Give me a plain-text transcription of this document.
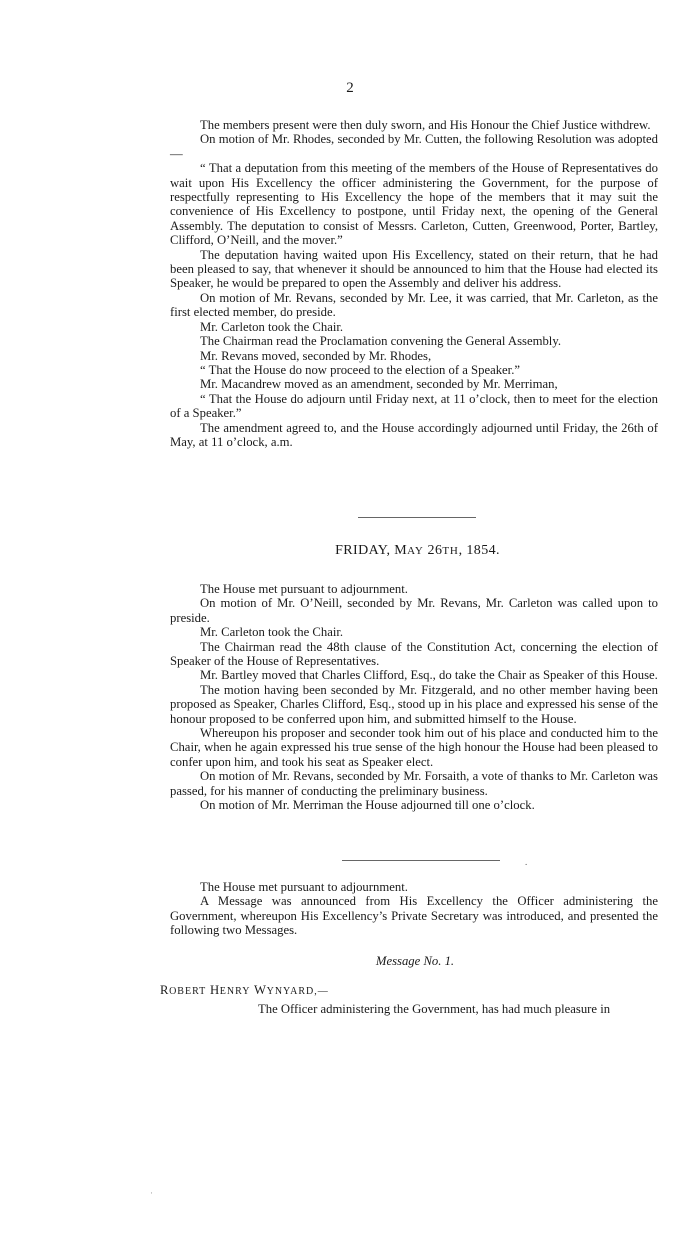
2

The members present were then duly sworn, and His Honour the Chief Justice withdrew.

On motion of Mr. Rhodes, seconded by Mr. Cutten, the following Resolution was adopted—

“ That a deputation from this meeting of the members of the House of Representatives do wait upon His Excellency the officer administering the Government, for the purpose of respectfully representing to His Excellency the hope of the members that it may suit the convenience of His Excellency to postpone, until Friday next, the opening of the General Assembly. The deputation to consist of Messrs. Carleton, Cutten, Greenwood, Porter, Bartley, Clifford, O’Neill, and the mover.”

The deputation having waited upon His Excellency, stated on their return, that he had been pleased to say, that whenever it should be announced to him that the House had elected its Speaker, he would be prepared to open the Assembly and deliver his address.

On motion of Mr. Revans, seconded by Mr. Lee, it was carried, that Mr. Carleton, as the first elected member, do preside.

Mr. Carleton took the Chair.

The Chairman read the Proclamation convening the General Assembly.

Mr. Revans moved, seconded by Mr. Rhodes,

“ That the House do now proceed to the election of a Speaker.”

Mr. Macandrew moved as an amendment, seconded by Mr. Merriman,

“ That the House do adjourn until Friday next, at 11 o’clock, then to meet for the election of a Speaker.”

The amendment agreed to, and the House accordingly adjourned until Friday, the 26th of May, at 11 o’clock, a.m.

FRIDAY, MAY 26TH, 1854.

The House met pursuant to adjournment.

On motion of Mr. O’Neill, seconded by Mr. Revans, Mr. Carleton was called upon to preside.

Mr. Carleton took the Chair.

The Chairman read the 48th clause of the Constitution Act, concerning the election of Speaker of the House of Representatives.

Mr. Bartley moved that Charles Clifford, Esq., do take the Chair as Speaker of this House.

The motion having been seconded by Mr. Fitzgerald, and no other member having been proposed as Speaker, Charles Clifford, Esq., stood up in his place and expressed his sense of the honour proposed to be conferred upon him, and submitted himself to the House.

Whereupon his proposer and seconder took him out of his place and conducted him to the Chair, when he again expressed his true sense of the high honour the House had been pleased to confer upon him, and took his seat as Speaker elect.

On motion of Mr. Revans, seconded by Mr. Forsaith, a vote of thanks to Mr. Carleton was passed, for his manner of conducting the preliminary business.

On motion of Mr. Merriman the House adjourned till one o’clock.

.

The House met pursuant to adjournment.

A Message was announced from His Excellency the Officer administering the Government, whereupon His Excellency’s Private Secretary was introduced, and presented the following two Messages.

Message No. 1.
ROBERT HENRY WYNYARD,—
The Officer administering the Government, has had much pleasure in
·
